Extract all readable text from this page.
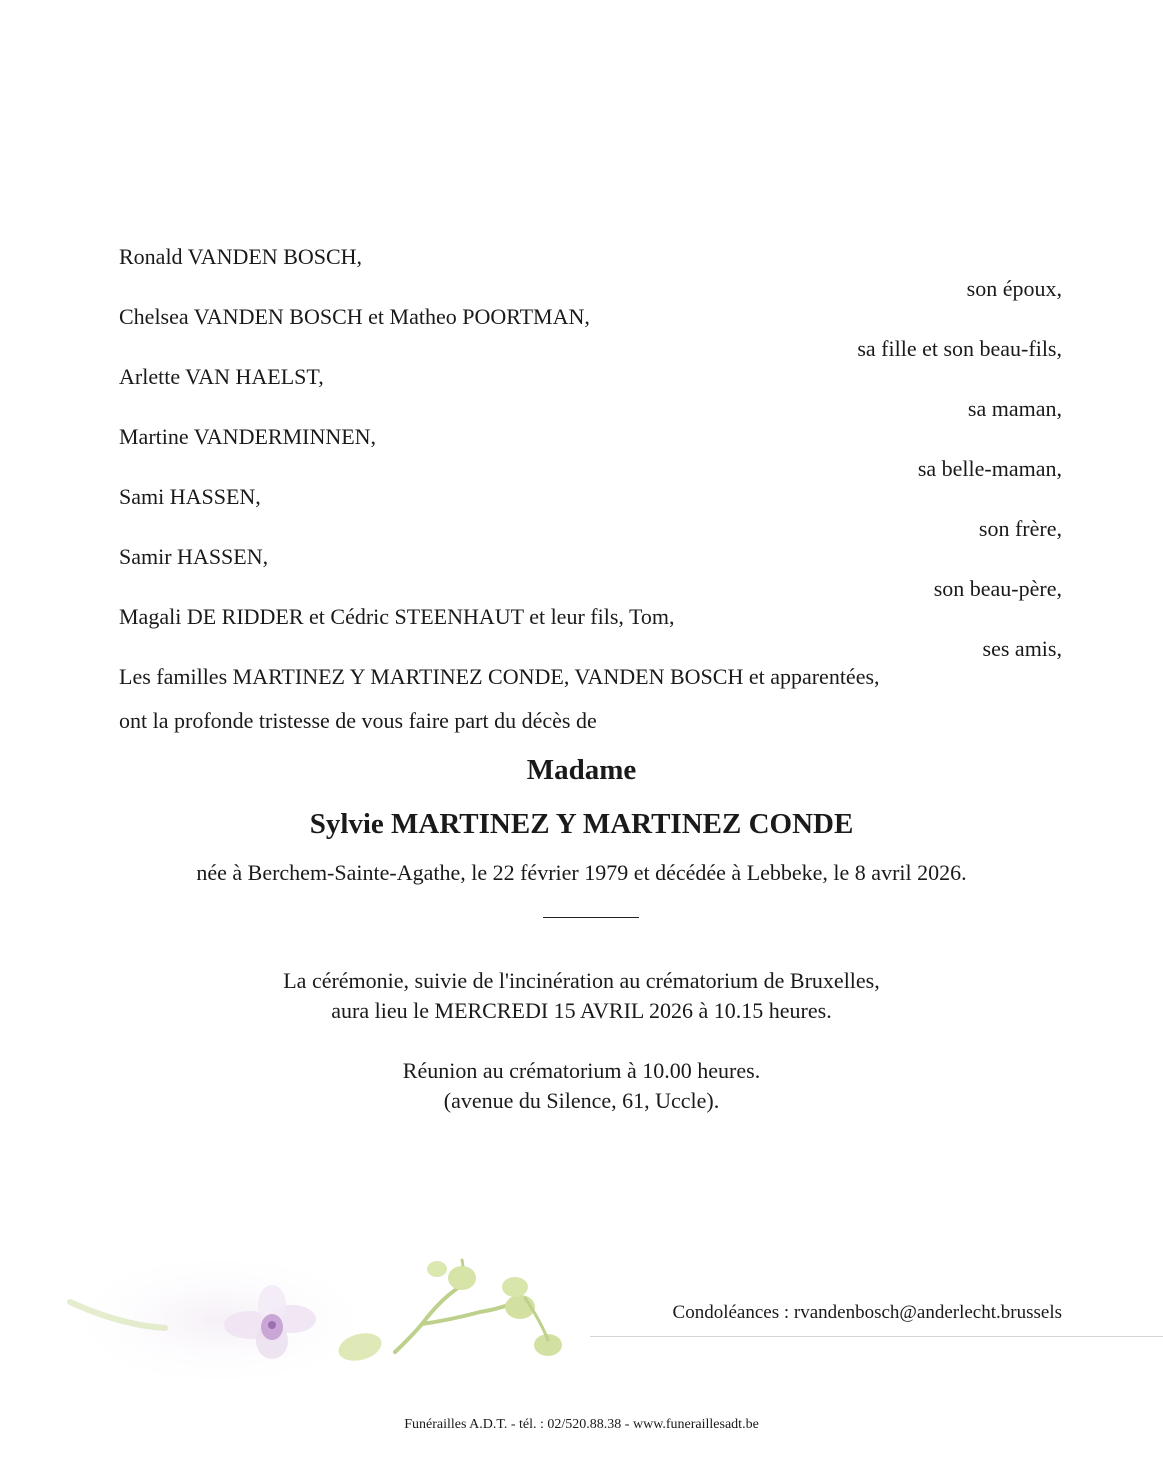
Ronald VANDEN BOSCH,
son époux,
Chelsea VANDEN BOSCH et Matheo POORTMAN,
sa fille et son beau-fils,
Arlette VAN HAELST,
sa maman,
Martine VANDERMINNEN,
sa belle-maman,
Sami HASSEN,
son frère,
Samir HASSEN,
son beau-père,
Magali DE RIDDER et Cédric STEENHAUT et leur fils, Tom,
ses amis,
Les familles MARTINEZ Y MARTINEZ CONDE, VANDEN BOSCH et apparentées,
ont la profonde tristesse de vous faire part du décès de
Madame
Sylvie MARTINEZ Y MARTINEZ CONDE
née à Berchem-Sainte-Agathe, le 22 février 1979 et décédée à Lebbeke, le 8 avril 2026.
La cérémonie, suivie de l'incinération au crématorium de Bruxelles,
aura lieu le MERCREDI 15 AVRIL 2026 à 10.15 heures.
Réunion au crématorium à 10.00 heures.
(avenue du Silence, 61, Uccle).
Condoléances : rvandenbosch@anderlecht.brussels
Funérailles A.D.T. - tél. : 02/520.88.38 - www.funeraillesadt.be
